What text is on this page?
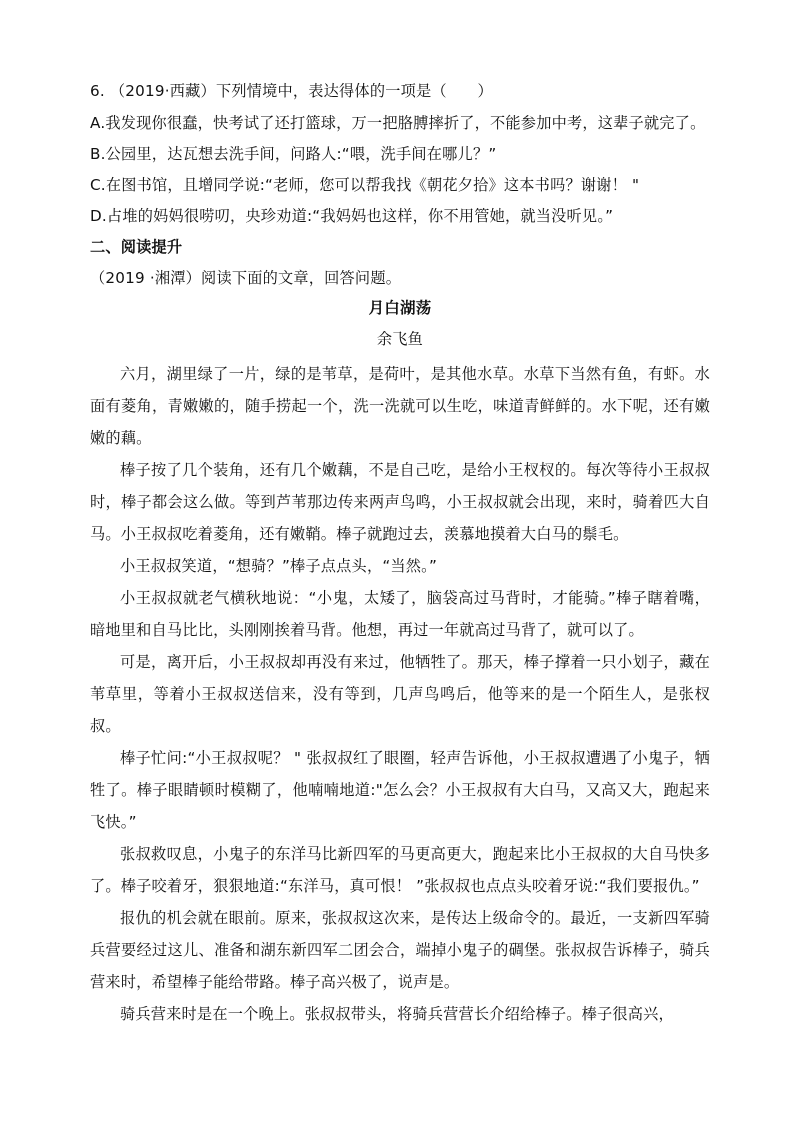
6. （2019·西藏）下列情境中，表达得体的一项是（　　）
A.我发现你很蠢，快考试了还打篮球，万一把胳膊摔折了，不能参加中考，这辈子就完了。
B.公园里，达瓦想去洗手间，问路人:“喂，洗手间在哪儿？”
C.在图书馆，且增同学说:“老师，您可以帮我找《朝花夕拾》这本书吗？谢谢！ "
D.占堆的妈妈很唠叨，央珍劝道:“我妈妈也这样，你不用管她，就当没听见。”
二、阅读提升
（2019 ·湘潭）阅读下面的文章，回答问题。
月白湖荡
余飞鱼

六月，湖里绿了一片，绿的是苇草，是荷叶，是其他水草。水草下当然有鱼，有虾。水面有菱角，青嫩嫩的，随手捞起一个，洗一洗就可以生吃，味道青鲜鲜的。水下呢，还有嫩嫩的藕。

棒子按了几个装角，还有几个嫩藕，不是自己吃，是给小王杈杈的。每次等待小王叔叔时，棒子都会这么做。等到芦苇那边传来两声鸟鸣，小王叔叔就会出现，来时，骑着匹大自马。小王叔叔吃着菱角，还有嫩鞘。棒子就跑过去，羡慕地摸着大白马的鬃毛。

小王叔叔笑道，“想骑？”棒子点点头，“当然。”

小王叔叔就老气横秋地说：“小鬼，太矮了，脑袋高过马背时，才能骑。”棒子瞎着嘴，暗地里和自马比比，头刚刚挨着马背。他想，再过一年就高过马背了，就可以了。

可是，离开后，小王叔叔却再没有来过，他牺牲了。那天，棒子撑着一只小划子，藏在苇草里，等着小王叔叔送信来，没有等到，几声鸟鸣后，他等来的是一个陌生人，是张杈叔。

棒子忙问:“小王叔叔呢？ " 张叔叔红了眼圈，轻声告诉他，小王叔叔遭遇了小鬼子，牺牲了。棒子眼睛顿时模糊了，他喃喃地道:"怎么会？小王叔叔有大白马，又高又大，跑起来飞快。”

张叔救叹息，小鬼子的东洋马比新四军的马更高更大，跑起来比小王叔叔的大自马快多了。棒子咬着牙，狠狠地道:“东洋马，真可恨！ ”张叔叔也点点头咬着牙说:“我们要报仇。”

报仇的机会就在眼前。原来，张叔叔这次来，是传达上级命令的。最近，一支新四军骑兵营要经过这儿、准备和湖东新四军二团会合，端掉小鬼子的碉堡。张叔叔告诉棒子，骑兵营来时，希望棒子能给带路。棒子高兴极了，说声是。

骑兵营来时是在一个晚上。张叔叔带头，将骑兵营营长介绍给棒子。棒子很高兴，
